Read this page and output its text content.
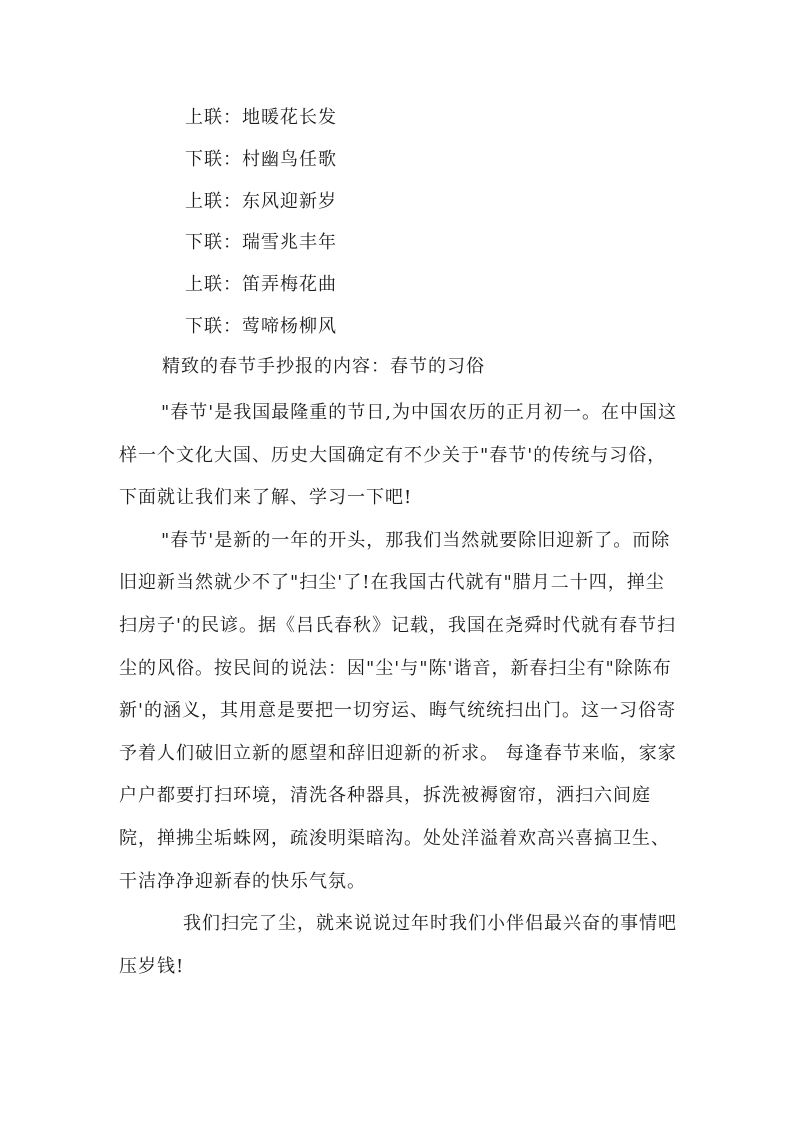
上联：地暖花长发
下联：村幽鸟任歌
上联：东风迎新岁
下联：瑞雪兆丰年
上联：笛弄梅花曲
下联：莺啼杨柳风
精致的春节手抄报的内容：春节的习俗

"春节'是我国最隆重的节日,为中国农历的正月初一。在中国这样一个文化大国、历史大国确定有不少关于"春节'的传统与习俗，下面就让我们来了解、学习一下吧!

"春节'是新的一年的开头，那我们当然就要除旧迎新了。而除旧迎新当然就少不了"扫尘'了!在我国古代就有"腊月二十四，掸尘扫房子'的民谚。据《吕氏春秋》记载，我国在尧舜时代就有春节扫尘的风俗。按民间的说法：因"尘'与"陈'谐音，新春扫尘有"除陈布新'的涵义，其用意是要把一切穷运、晦气统统扫出门。这一习俗寄予着人们破旧立新的愿望和辞旧迎新的祈求。 每逢春节来临，家家户户都要打扫环境，清洗各种器具，拆洗被褥窗帘，洒扫六间庭院，掸拂尘垢蛛网，疏浚明渠暗沟。处处洋溢着欢高兴喜搞卫生、干洁净净迎新春的快乐气氛。

我们扫完了尘，就来说说过年时我们小伴侣最兴奋的事情吧压岁钱!
